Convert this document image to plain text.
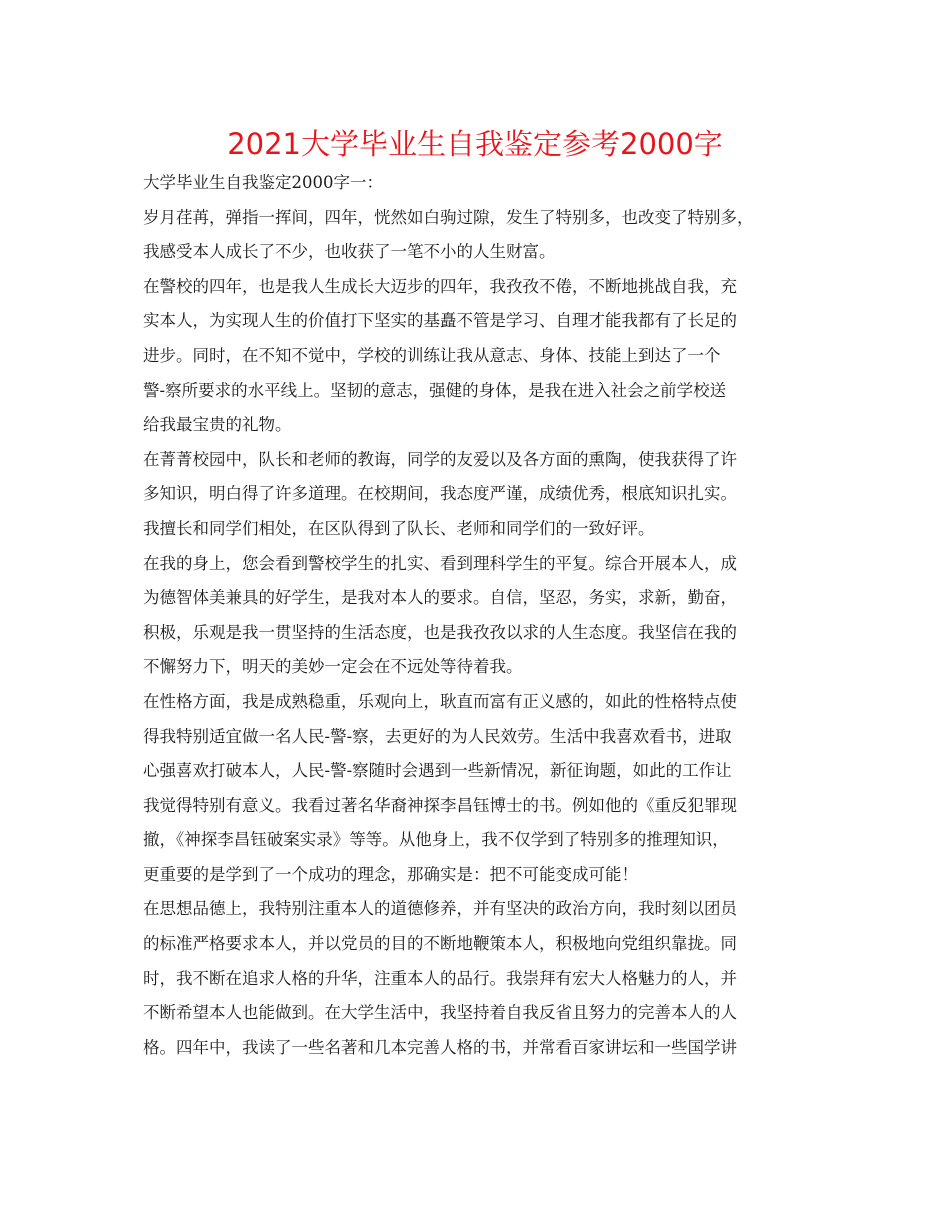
2021大学毕业生自我鉴定参考2000字
大学毕业生自我鉴定2000字一：
岁月荏苒，弹指一挥间，四年，恍然如白驹过隙，发生了特别多，也改变了特别多，
我感受本人成长了不少，也收获了一笔不小的人生财富。
在警校的四年，也是我人生成长大迈步的四年，我孜孜不倦，不断地挑战自我，充
实本人，为实现人生的价值打下坚实的基矗不管是学习、自理才能我都有了长足的
进步。同时，在不知不觉中，学校的训练让我从意志、身体、技能上到达了一个
警-察所要求的水平线上。坚韧的意志，强健的身体，是我在进入社会之前学校送
给我最宝贵的礼物。
在菁菁校园中，队长和老师的教诲，同学的友爱以及各方面的熏陶，使我获得了许
多知识，明白得了许多道理。在校期间，我态度严谨，成绩优秀，根底知识扎实。
我擅长和同学们相处，在区队得到了队长、老师和同学们的一致好评。
在我的身上，您会看到警校学生的扎实、看到理科学生的平复。综合开展本人，成
为德智体美兼具的好学生，是我对本人的要求。自信，坚忍，务实，求新，勤奋，
积极，乐观是我一贯坚持的生活态度，也是我孜孜以求的人生态度。我坚信在我的
不懈努力下，明天的美妙一定会在不远处等待着我。
在性格方面，我是成熟稳重，乐观向上，耿直而富有正义感的，如此的性格特点使
得我特别适宜做一名人民-警-察，去更好的为人民效劳。生活中我喜欢看书，进取
心强喜欢打破本人，人民-警-察随时会遇到一些新情况，新征询题，如此的工作让
我觉得特别有意义。我看过著名华裔神探李昌钰博士的书。例如他的《重反犯罪现
撤，《神探李昌钰破案实录》等等。从他身上，我不仅学到了特别多的推理知识，
更重要的是学到了一个成功的理念，那确实是：把不可能变成可能！
在思想品德上，我特别注重本人的道德修养，并有坚决的政治方向，我时刻以团员
的标准严格要求本人，并以党员的目的不断地鞭策本人，积极地向党组织靠拢。同
时，我不断在追求人格的升华，注重本人的品行。我崇拜有宏大人格魅力的人，并
不断希望本人也能做到。在大学生活中，我坚持着自我反省且努力的完善本人的人
格。四年中，我读了一些名著和几本完善人格的书，并常看百家讲坛和一些国学讲
